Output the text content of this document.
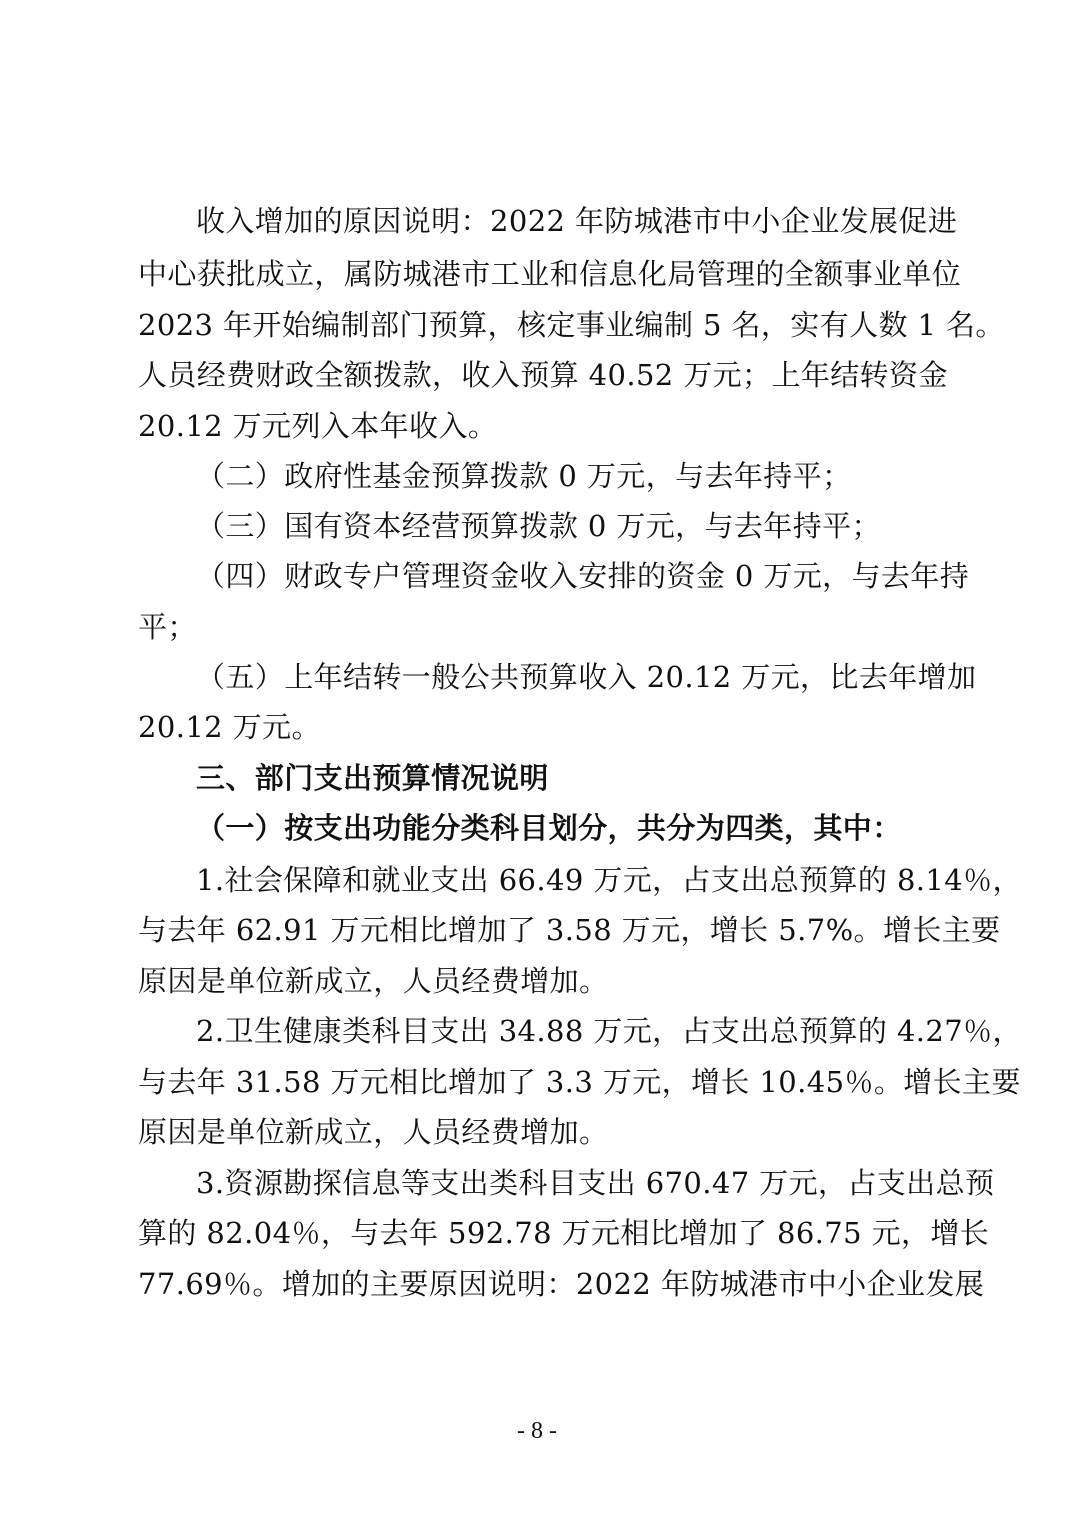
收入增加的原因说明：2022 年防城港市中小企业发展促进
中心获批成立，属防城港市工业和信息化局管理的全额事业单位
2023 年开始编制部门预算，核定事业编制 5 名，实有人数 1 名。
人员经费财政全额拨款，收入预算 40.52 万元；上年结转资金
20.12 万元列入本年收入。
（二）政府性基金预算拨款 0 万元，与去年持平；
（三）国有资本经营预算拨款 0 万元，与去年持平；
（四）财政专户管理资金收入安排的资金 0 万元，与去年持
平；
（五）上年结转一般公共预算收入 20.12 万元，比去年增加
20.12 万元。
三、部门支出预算情况说明
（一）按支出功能分类科目划分，共分为四类，其中：
1.社会保障和就业支出 66.49 万元，占支出总预算的 8.14％，
与去年 62.91 万元相比增加了 3.58 万元，增长 5.7%。增长主要
原因是单位新成立，人员经费增加。
2.卫生健康类科目支出 34.88 万元，占支出总预算的 4.27％，
与去年 31.58 万元相比增加了 3.3 万元，增长 10.45％。增长主要
原因是单位新成立，人员经费增加。
3.资源勘探信息等支出类科目支出 670.47 万元，占支出总预
算的 82.04％，与去年 592.78 万元相比增加了 86.75 元，增长
77.69％。增加的主要原因说明：2022 年防城港市中小企业发展
- 8 -
